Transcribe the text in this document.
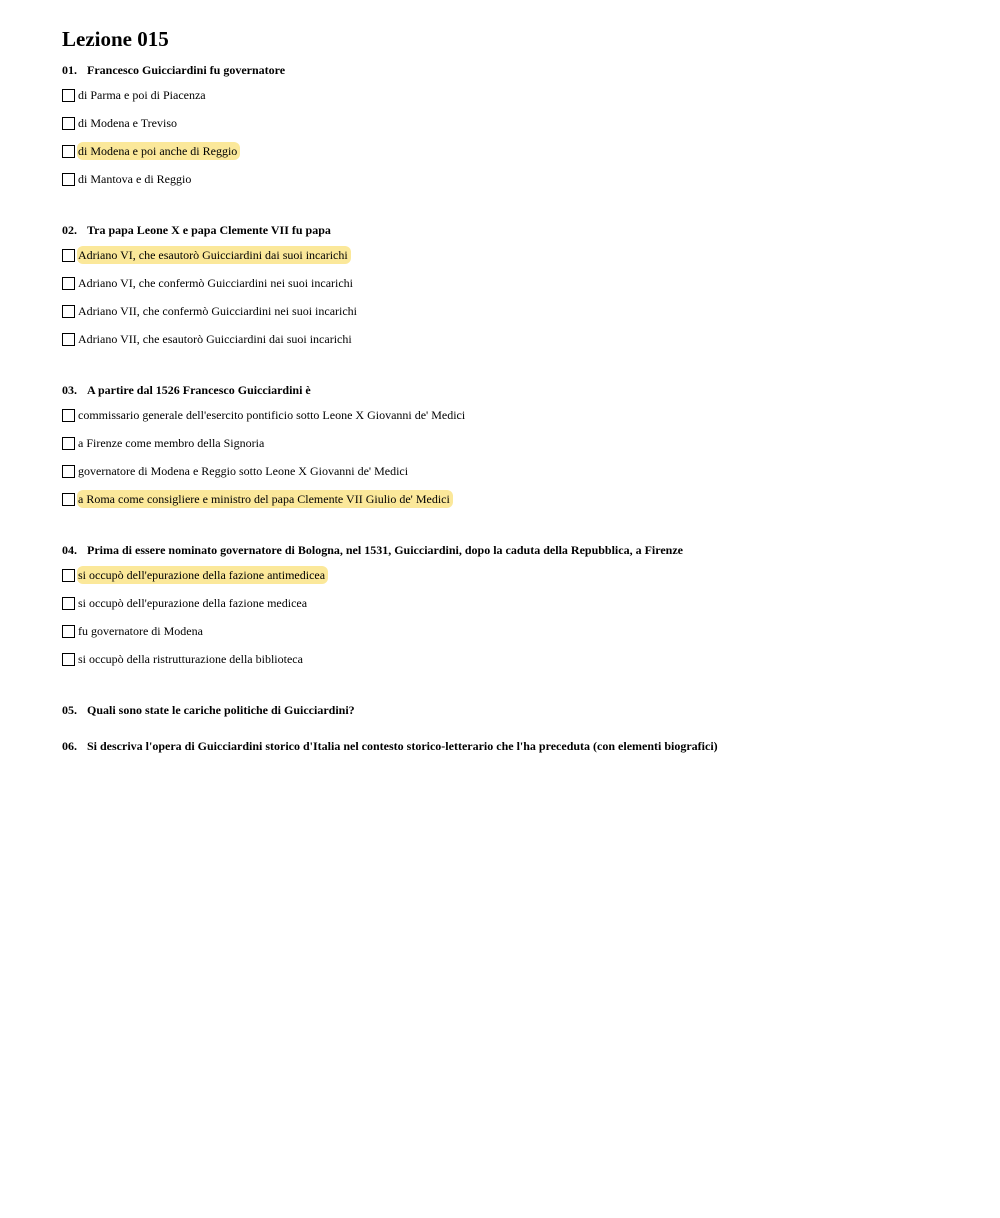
Lezione 015
01. Francesco Guicciardini fu governatore
di Parma e poi di Piacenza
di Modena e Treviso
di Modena e poi anche di Reggio
di Mantova e di Reggio
02. Tra papa Leone X e papa Clemente VII fu papa
Adriano VI, che esautorò Guicciardini dai suoi incarichi
Adriano VI, che confermò Guicciardini nei suoi incarichi
Adriano VII, che confermò Guicciardini nei suoi incarichi
Adriano VII, che esautorò Guicciardini dai suoi incarichi
03. A partire dal 1526 Francesco Guicciardini è
commissario generale dell'esercito pontificio sotto Leone X Giovanni de' Medici
a Firenze come membro della Signoria
governatore di Modena e Reggio sotto Leone X Giovanni de' Medici
a Roma come consigliere e ministro del papa Clemente VII Giulio de' Medici
04. Prima di essere nominato governatore di Bologna, nel 1531, Guicciardini, dopo la caduta della Repubblica, a Firenze
si occupò dell'epurazione della fazione antimedicea
si occupò dell'epurazione della fazione medicea
fu governatore di Modena
si occupò della ristrutturazione della biblioteca
05. Quali sono state le cariche politiche di Guicciardini?
06. Si descriva l'opera di Guicciardini storico d'Italia nel contesto storico-letterario che l'ha preceduta (con elementi biografici)
